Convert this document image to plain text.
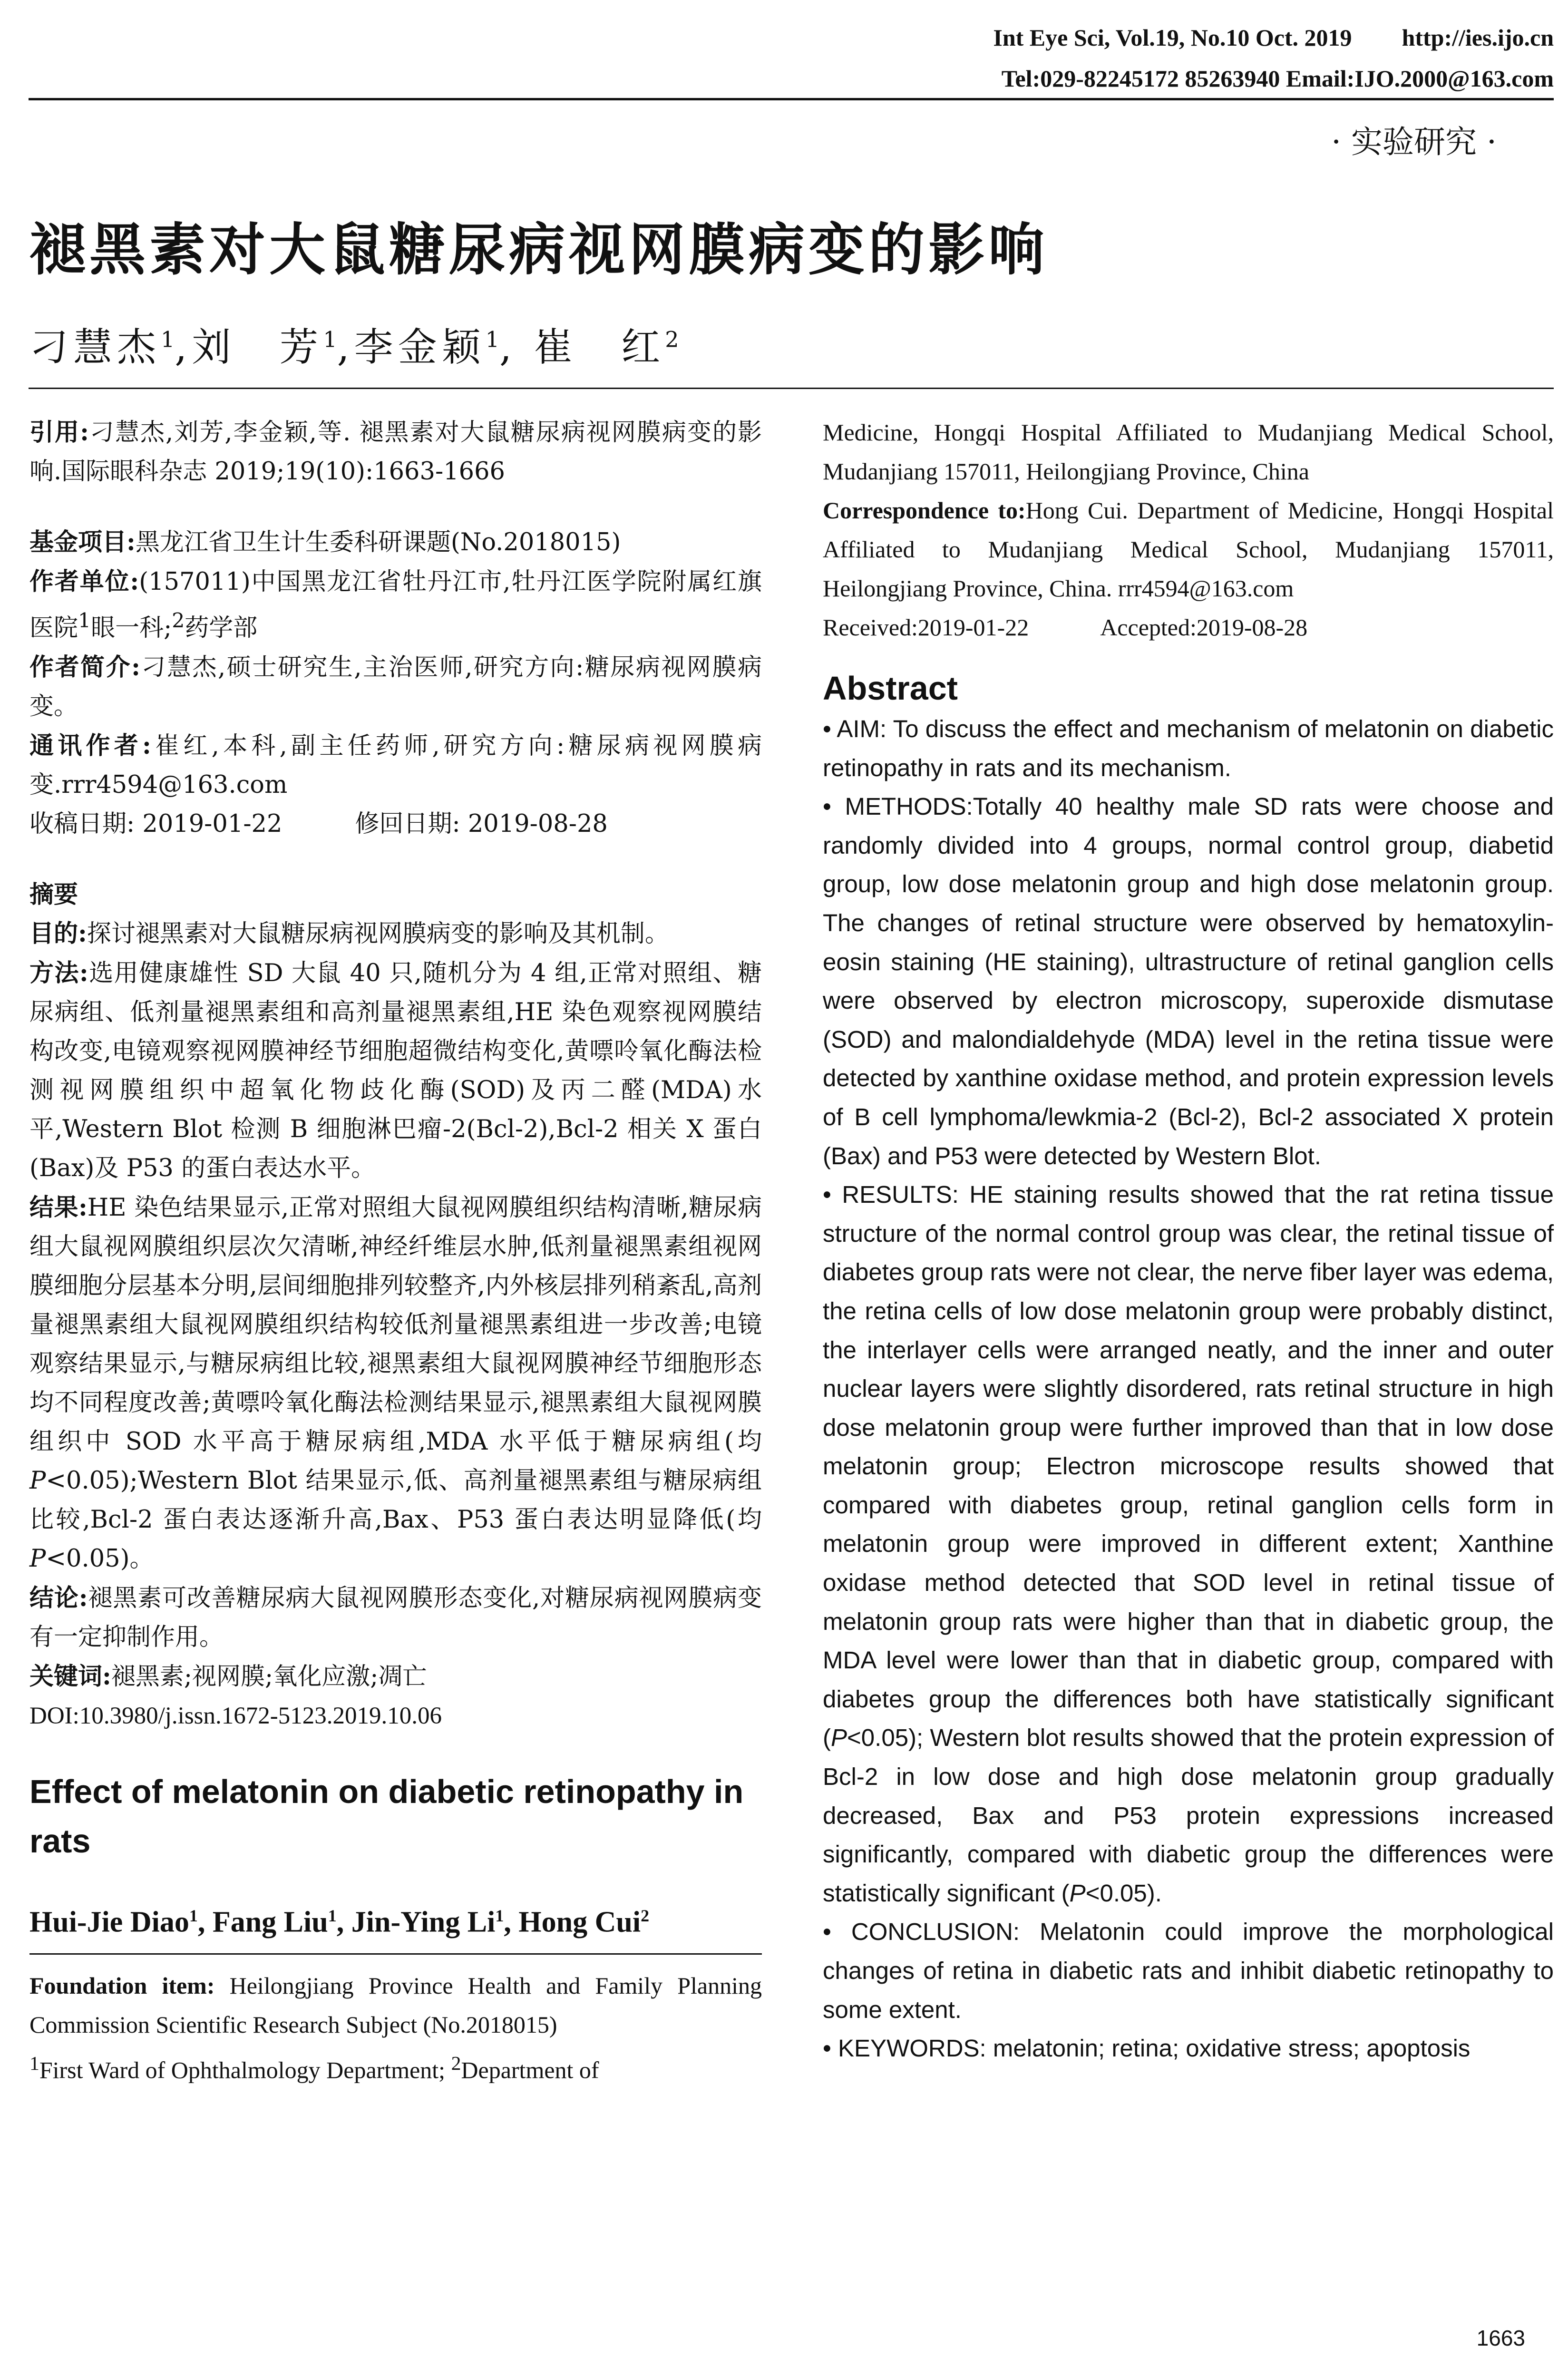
Int Eye Sci, Vol.19, No.10 Oct. 2019 http://ies.ijo.cn
Tel:029-82245172 85263940 Email:IJO.2000@163.com
· 实验研究 ·
褪黑素对大鼠糖尿病视网膜病变的影响
刁慧杰$^1$,刘　芳$^1$,李金颖$^1$, 崔　红$^2$

引用:刁慧杰,刘芳,李金颖,等. 褪黑素对大鼠糖尿病视网膜病变的影响.国际眼科杂志 2019;19(10):1663-1666

基金项目:黑龙江省卫生计生委科研课题(No.2018015)

作者单位:(157011)中国黑龙江省牡丹江市,牡丹江医学院附属红旗医院$^1$眼一科;$^2$药学部

作者简介:刁慧杰,硕士研究生,主治医师,研究方向:糖尿病视网膜病变。

通讯作者:崔红,本科,副主任药师,研究方向:糖尿病视网膜病变.rrr4594@163.com

收稿日期: 2019-01-22　　　修回日期: 2019-08-28

摘要

目的:探讨褪黑素对大鼠糖尿病视网膜病变的影响及其机制。

方法:选用健康雄性 SD 大鼠 40 只,随机分为 4 组,正常对照组、糖尿病组、低剂量褪黑素组和高剂量褪黑素组,HE 染色观察视网膜结构改变,电镜观察视网膜神经节细胞超微结构变化,黄嘌呤氧化酶法检测视网膜组织中超氧化物歧化酶(SOD)及丙二醛(MDA)水平,Western Blot 检测 B 细胞淋巴瘤-2(Bcl-2),Bcl-2 相关 X 蛋白(Bax)及 P53 的蛋白表达水平。

结果:HE 染色结果显示,正常对照组大鼠视网膜组织结构清晰,糖尿病组大鼠视网膜组织层次欠清晰,神经纤维层水肿,低剂量褪黑素组视网膜细胞分层基本分明,层间细胞排列较整齐,内外核层排列稍紊乱,高剂量褪黑素组大鼠视网膜组织结构较低剂量褪黑素组进一步改善;电镜观察结果显示,与糖尿病组比较,褪黑素组大鼠视网膜神经节细胞形态均不同程度改善;黄嘌呤氧化酶法检测结果显示,褪黑素组大鼠视网膜组织中 SOD 水平高于糖尿病组,MDA 水平低于糖尿病组(均 P<0.05);Western Blot 结果显示,低、高剂量褪黑素组与糖尿病组比较,Bcl-2 蛋白表达逐渐升高,Bax、P53 蛋白表达明显降低(均 P<0.05)。

结论:褪黑素可改善糖尿病大鼠视网膜形态变化,对糖尿病视网膜病变有一定抑制作用。

关键词:褪黑素;视网膜;氧化应激;凋亡

DOI:10.3980/j.issn.1672-5123.2019.10.06

Effect of melatonin on diabetic retinopathy in rats

Hui-Jie Diao$^1$, Fang Liu$^1$, Jin-Ying Li$^1$, Hong Cui$^2$

Foundation item: Heilongjiang Province Health and Family Planning Commission Scientific Research Subject (No.2018015)

$^1$First Ward of Ophthalmology Department; $^2$Department of

Medicine, Hongqi Hospital Affiliated to Mudanjiang Medical School, Mudanjiang 157011, Heilongjiang Province, China

Correspondence to:Hong Cui. Department of Medicine, Hongqi Hospital Affiliated to Mudanjiang Medical School, Mudanjiang 157011, Heilongjiang Province, China. rrr4594@163.com

Received:2019-01-22　　　Accepted:2019-08-28

Abstract

• AIM: To discuss the effect and mechanism of melatonin on diabetic retinopathy in rats and its mechanism.

• METHODS:Totally 40 healthy male SD rats were choose and randomly divided into 4 groups, normal control group, diabetid group, low dose melatonin group and high dose melatonin group. The changes of retinal structure were observed by hematoxylin-eosin staining (HE staining), ultrastructure of retinal ganglion cells were observed by electron microscopy, superoxide dismutase (SOD) and malondialdehyde (MDA) level in the retina tissue were detected by xanthine oxidase method, and protein expression levels of B cell lymphoma/lewkmia-2 (Bcl-2), Bcl-2 associated X protein (Bax) and P53 were detected by Western Blot.

• RESULTS: HE staining results showed that the rat retina tissue structure of the normal control group was clear, the retinal tissue of diabetes group rats were not clear, the nerve fiber layer was edema, the retina cells of low dose melatonin group were probably distinct, the interlayer cells were arranged neatly, and the inner and outer nuclear layers were slightly disordered, rats retinal structure in high dose melatonin group were further improved than that in low dose melatonin group; Electron microscope results showed that compared with diabetes group, retinal ganglion cells form in melatonin group were improved in different extent; Xanthine oxidase method detected that SOD level in retinal tissue of melatonin group rats were higher than that in diabetic group, the MDA level were lower than that in diabetic group, compared with diabetes group the differences both have statistically significant (P<0.05); Western blot results showed that the protein expression of Bcl-2 in low dose and high dose melatonin group gradually decreased, Bax and P53 protein expressions increased significantly, compared with diabetic group the differences were statistically significant (P<0.05).

• CONCLUSION: Melatonin could improve the morphological changes of retina in diabetic rats and inhibit diabetic retinopathy to some extent.

• KEYWORDS: melatonin; retina; oxidative stress; apoptosis

1663
